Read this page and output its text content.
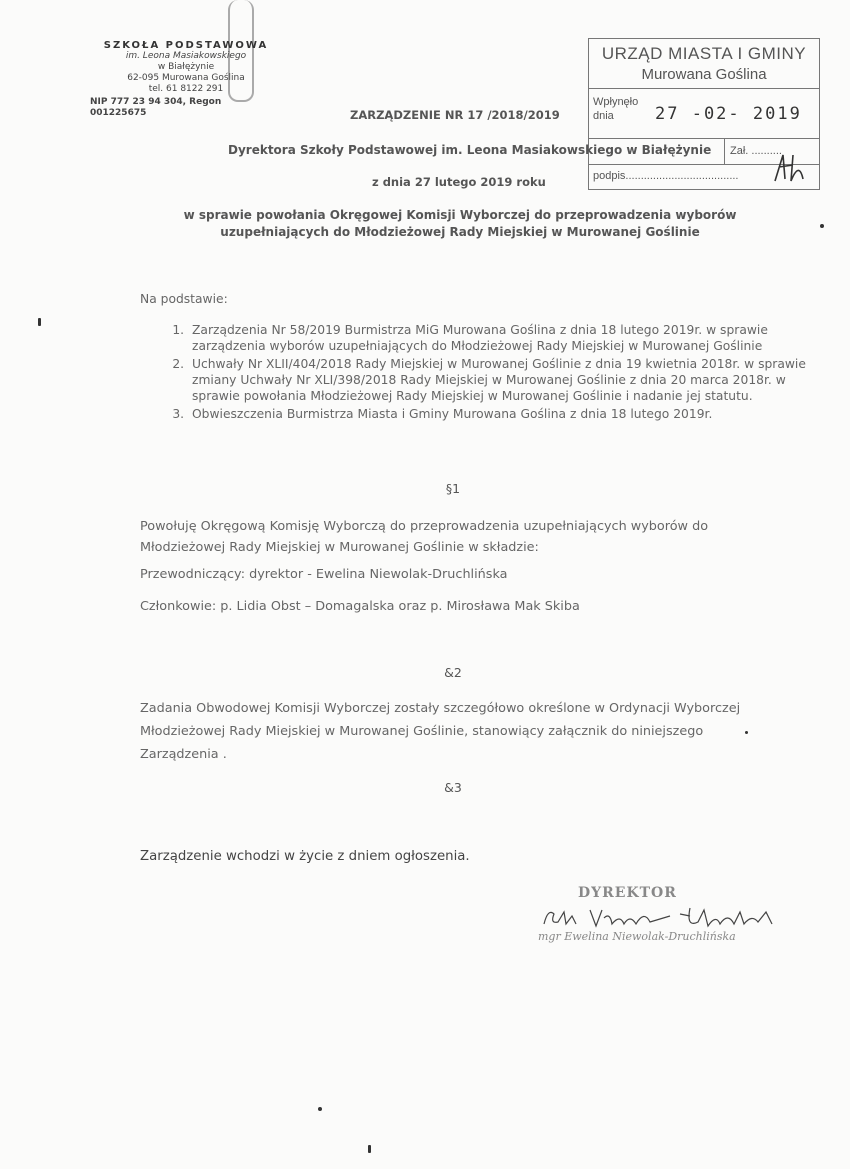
SZKOŁA PODSTAWOWA
im. Leona Masiakowskiego
w Białężynie
62-095 Murowana Goślina
tel. 61 8122 291
NIP 777 23 94 304, Regon 001225675
URZĄD MIASTA I GMINY
Murowana Goślina
Wpłynęło dnia	27 -02- 2019
Zał. ..........
podpis.....................................
ZARZĄDZENIE NR 17 /2018/2019
Dyrektora Szkoły Podstawowej im. Leona Masiakowskiego w Białężynie
z dnia 27 lutego 2019 roku
w sprawie powołania Okręgowej Komisji Wyborczej do przeprowadzenia wyborów uzupełniających do Młodzieżowej Rady Miejskiej w Murowanej Goślinie
Na podstawie:
1. Zarządzenia Nr 58/2019 Burmistrza MiG Murowana Goślina z dnia 18 lutego 2019r. w sprawie zarządzenia wyborów uzupełniających do Młodzieżowej Rady Miejskiej w Murowanej Goślinie
2. Uchwały Nr XLII/404/2018 Rady Miejskiej w Murowanej Goślinie z dnia 19 kwietnia 2018r. w sprawie zmiany Uchwały Nr XLI/398/2018 Rady Miejskiej w Murowanej Goślinie z dnia 20 marca 2018r. w sprawie powołania Młodzieżowej Rady Miejskiej w Murowanej Goślinie i nadanie jej statutu.
3. Obwieszczenia Burmistrza Miasta i Gminy Murowana Goślina z dnia 18 lutego 2019r.
§1
Powołuję Okręgową Komisję Wyborczą do przeprowadzenia uzupełniających wyborów do Młodzieżowej Rady Miejskiej w Murowanej Goślinie w składzie:
Przewodniczący: dyrektor - Ewelina Niewolak-Druchlińska
Członkowie: p. Lidia Obst – Domagalska oraz p. Mirosława Mak Skiba
&2
Zadania Obwodowej Komisji Wyborczej zostały szczegółowo określone w Ordynacji Wyborczej Młodzieżowej Rady Miejskiej w Murowanej Goślinie, stanowiący załącznik do niniejszego Zarządzenia .
&3
Zarządzenie wchodzi w życie z dniem ogłoszenia.
DYREKTOR
mgr Ewelina Niewolak-Druchlińska
